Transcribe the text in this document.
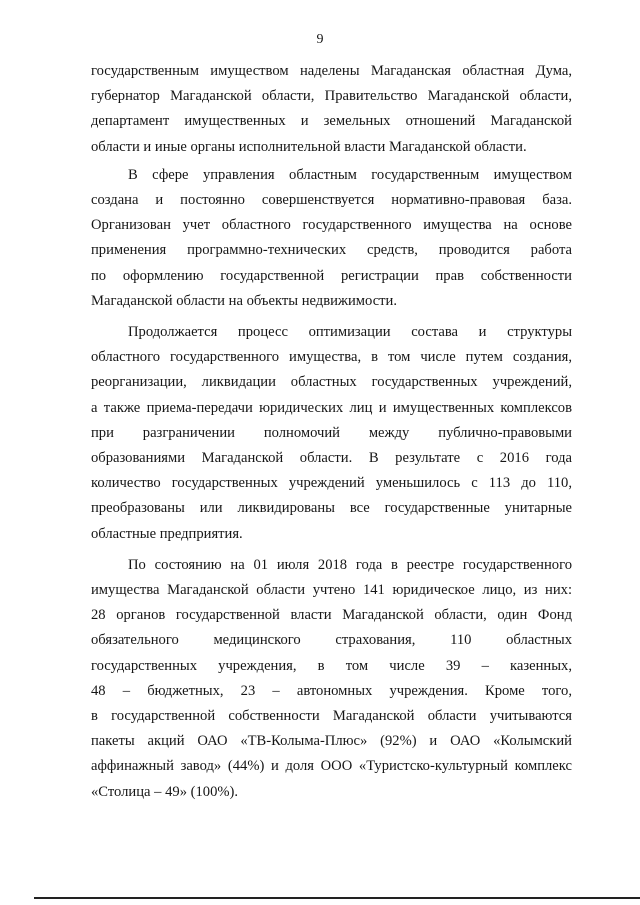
9

государственным имуществом наделены Магаданская областная Дума,
губернатор Магаданской области, Правительство Магаданской области,
департамент имущественных и земельных отношений Магаданской
области и иные органы исполнительной власти Магаданской области.

В сфере управления областным государственным имуществом
создана и постоянно совершенствуется нормативно-правовая база.
Организован учет областного государственного имущества на основе
применения программно-технических средств, проводится работа
по оформлению государственной регистрации прав собственности
Магаданской области на объекты недвижимости.

Продолжается процесс оптимизации состава и структуры
областного государственного имущества, в том числе путем создания,
реорганизации, ликвидации областных государственных учреждений,
а также приема-передачи юридических лиц и имущественных комплексов
при разграничении полномочий между публично-правовыми
образованиями Магаданской области. В результате с 2016 года
количество государственных учреждений уменьшилось с 113 до 110,
преобразованы или ликвидированы все государственные унитарные
областные предприятия.

По состоянию на 01 июля 2018 года в реестре государственного
имущества Магаданской области учтено 141 юридическое лицо, из них:
28 органов государственной власти Магаданской области, один Фонд
обязательного медицинского страхования, 110 областных
государственных учреждения, в том числе 39 – казенных,
48 – бюджетных, 23 – автономных учреждения. Кроме того,
в государственной собственности Магаданской области учитываются
пакеты акций ОАО «ТВ-Колыма-Плюс» (92%) и ОАО «Колымский
аффинажный завод» (44%) и доля ООО «Туристско-культурный комплекс
«Столица – 49» (100%).
